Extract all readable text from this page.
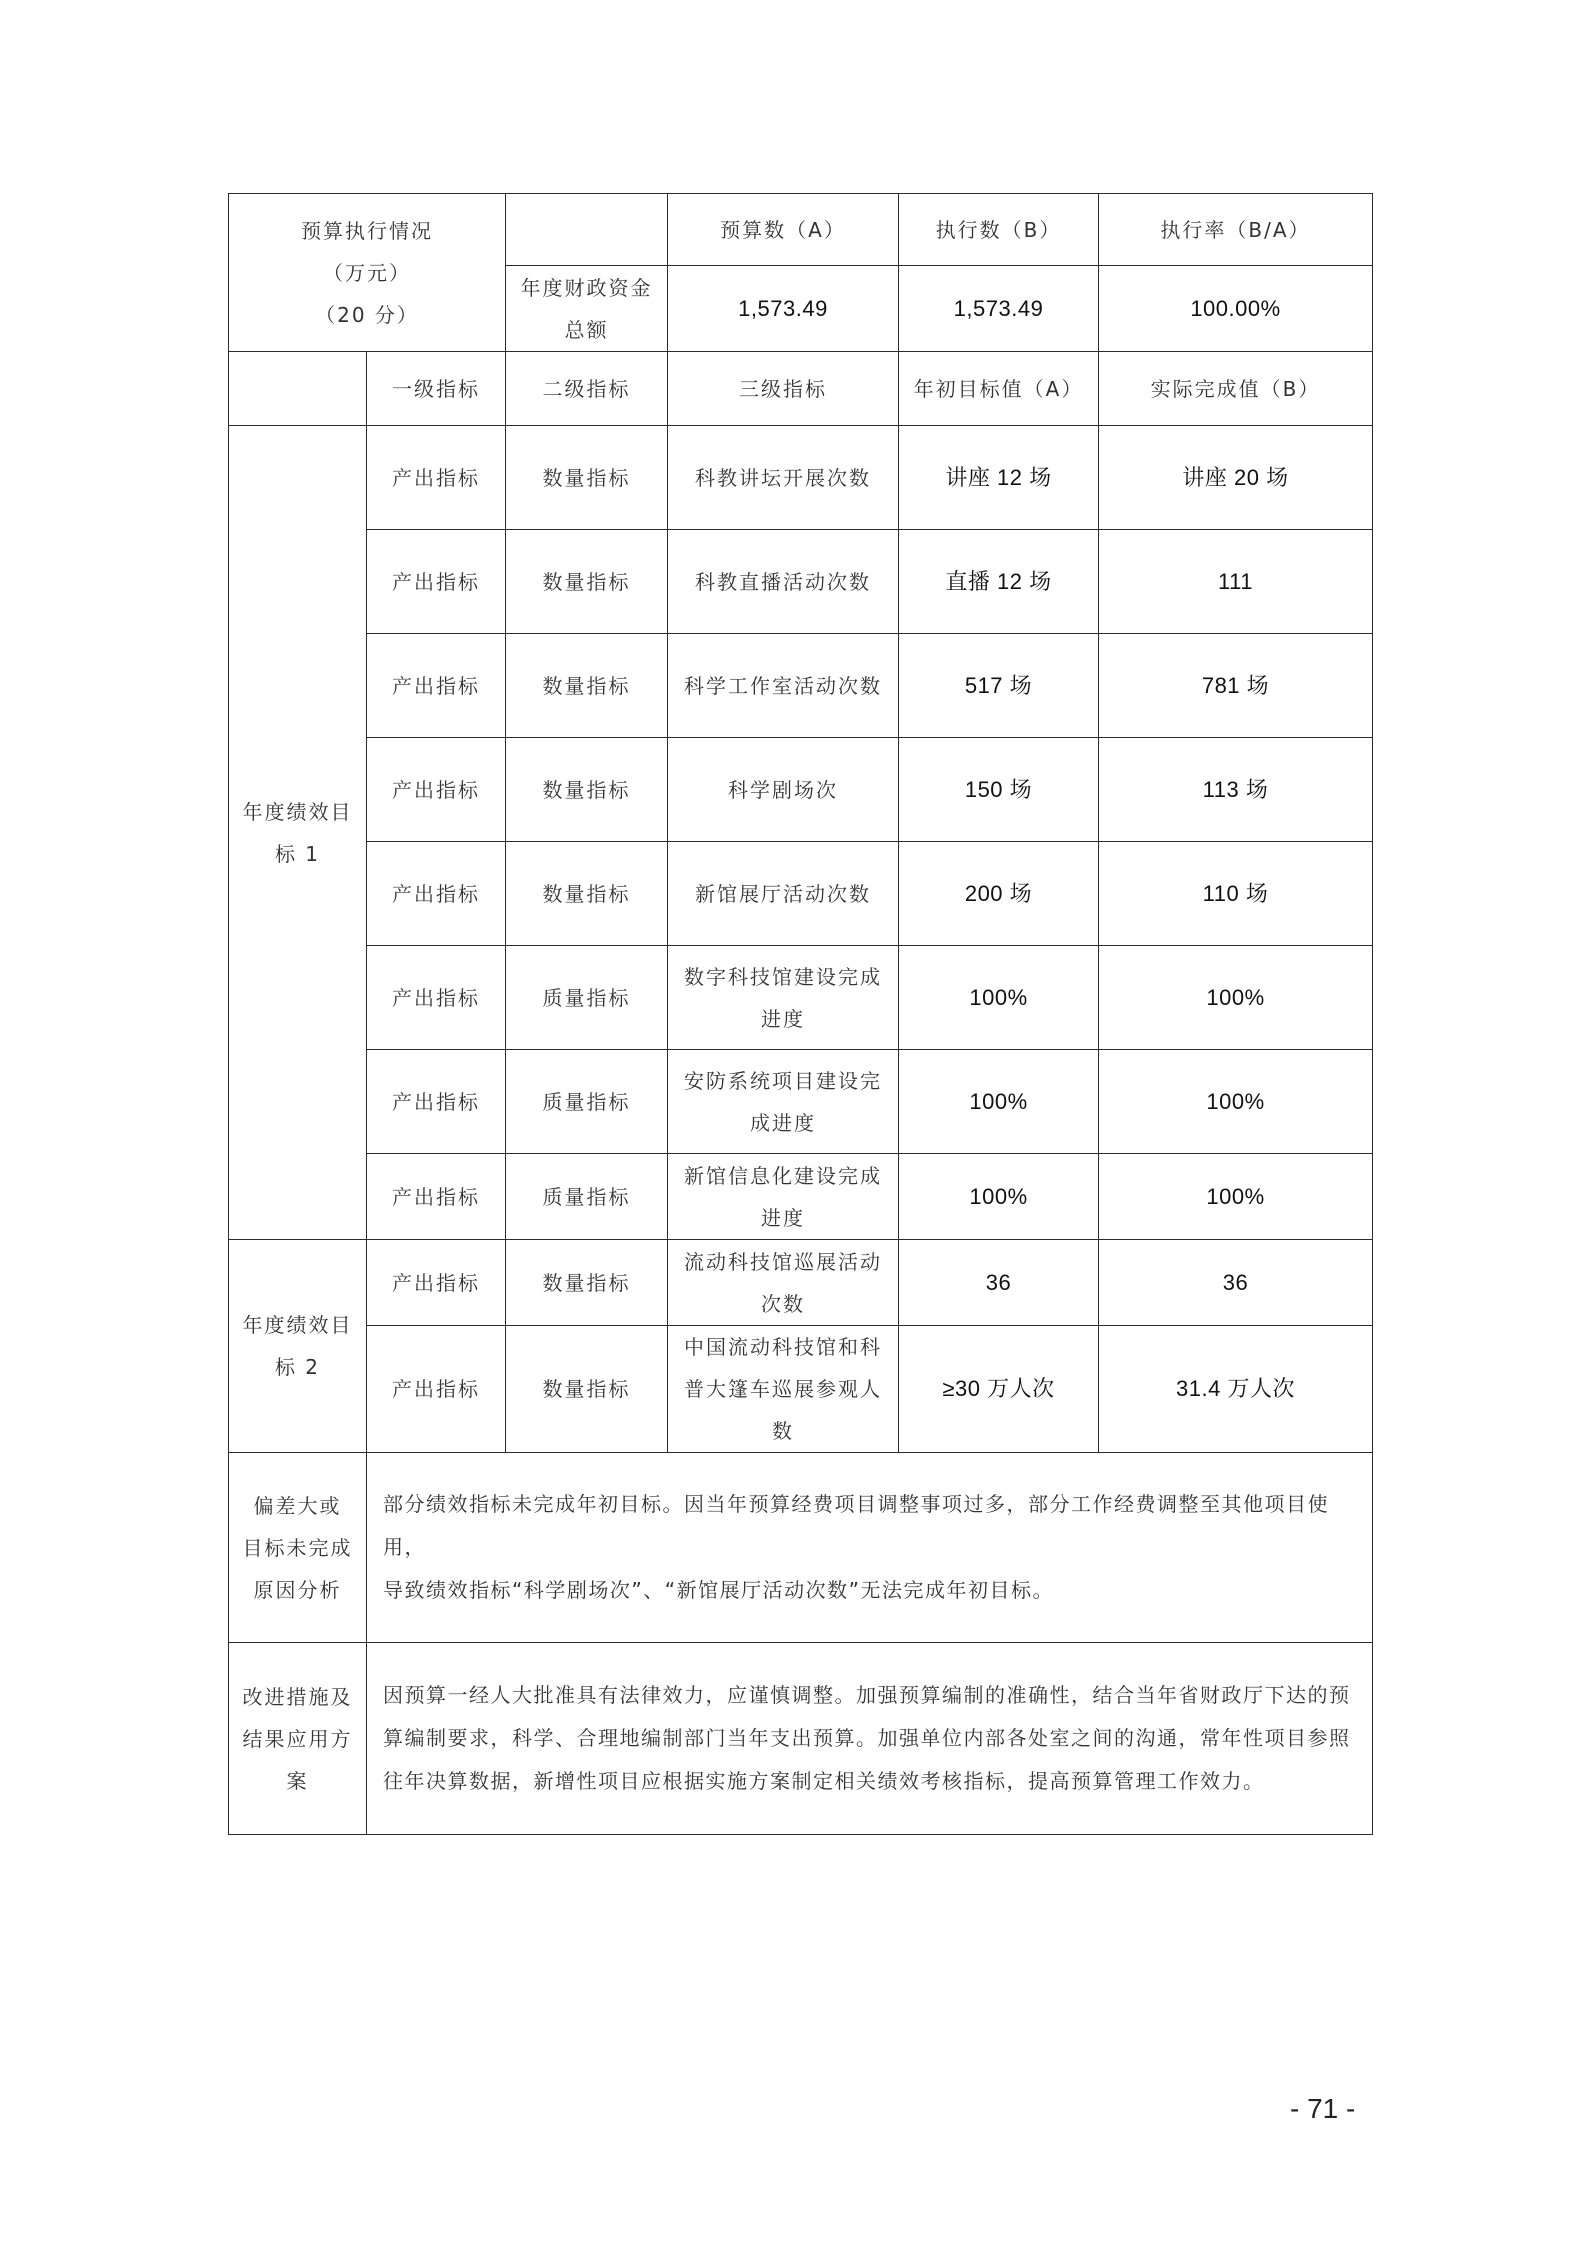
预算执行情况
（万元）
（20 分）			预算数（A）	执行数（B）	执行率（B/A）

		年度财政资金
总额	1,573.49	1,573.49	100.00%
	一级指标	二级指标	三级指标	年初目标值（A）	实际完成值（B）

年度绩效目
标 1	产出指标	数量指标	科教讲坛开展次数	讲座 12 场	讲座 20 场
	产出指标	数量指标	科教直播活动次数	直播 12 场	111
	产出指标	数量指标	科学工作室活动次数	517 场	781 场
	产出指标	数量指标	科学剧场次	150 场	113 场
	产出指标	数量指标	新馆展厅活动次数	200 场	110 场
	产出指标	质量指标	数字科技馆建设完成
进度	100%	100%
	产出指标	质量指标	安防系统项目建设完
成进度	100%	100%
	产出指标	质量指标	新馆信息化建设完成
进度	100%	100%

年度绩效目
标 2	产出指标	数量指标	流动科技馆巡展活动
次数	36	36
	产出指标	数量指标	中国流动科技馆和科
普大篷车巡展参观人
数	≥30 万人次	31.4 万人次

偏差大或
目标未完成
原因分析	部分绩效指标未完成年初目标。因当年预算经费项目调整事项过多，部分工作经费调整至其他项目使用，
导致绩效指标“科学剧场次”、“新馆展厅活动次数”无法完成年初目标。				

改进措施及
结果应用方
案	因预算一经人大批准具有法律效力，应谨慎调整。加强预算编制的准确性，结合当年省财政厅下达的预
算编制要求，科学、合理地编制部门当年支出预算。加强单位内部各处室之间的沟通，常年性项目参照
往年决算数据，新增性项目应根据实施方案制定相关绩效考核指标，提高预算管理工作效力。				
- 71 -
